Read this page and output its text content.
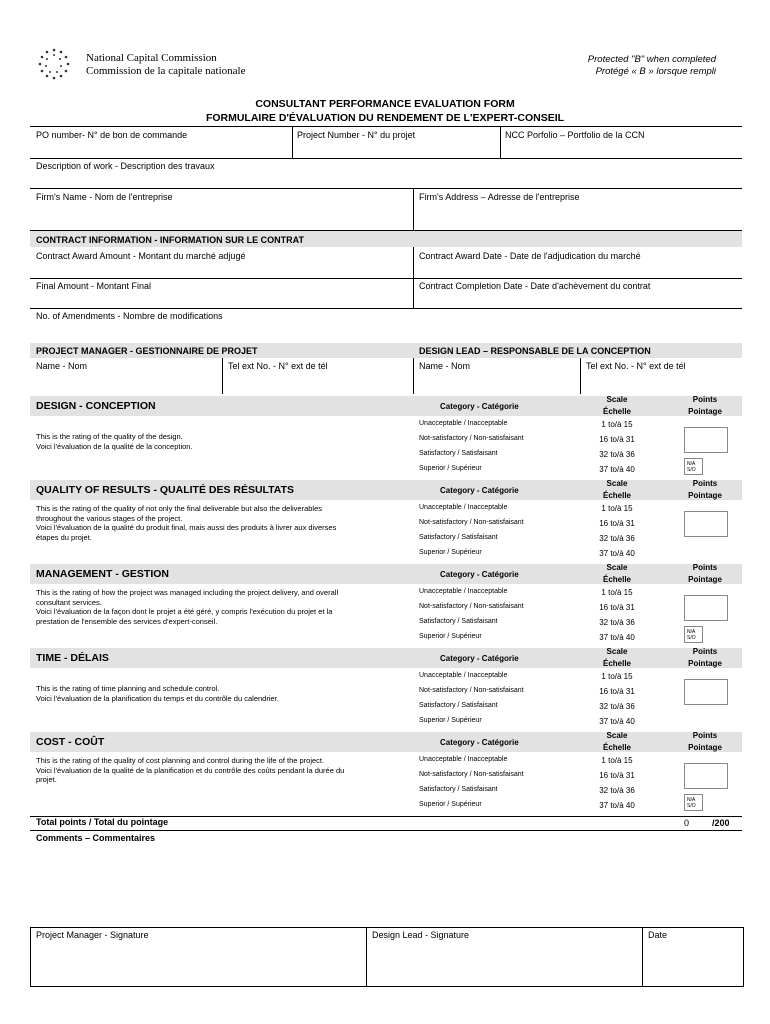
National Capital Commission
Commission de la capitale nationale
Protected "B" when completed
Protégé « B » lorsque rempli
CONSULTANT PERFORMANCE EVALUATION FORM
FORMULAIRE D'ÉVALUATION DU RENDEMENT DE L'EXPERT-CONSEIL
PO number- N° de bon de commande	Project Number - N° du projet	NCC Porfolio – Portfolio de la CCN
Description of work - Description des travaux
Firm's Name - Nom de l'entreprise	Firm's Address – Adresse de l'entreprise
CONTRACT INFORMATION - INFORMATION SUR LE CONTRAT
Contract Award Amount - Montant du marché adjugé	Contract Award Date - Date de l'adjudication du marché
Final Amount - Montant Final	Contract Completion Date - Date d'achèvement du contrat
No. of Amendments - Nombre de modifications
PROJECT MANAGER - GESTIONNAIRE DE PROJET	DESIGN LEAD – RESPONSABLE DE LA CONCEPTION
Name - Nom	Tel ext No. - N° ext de tél	Name - Nom	Tel ext No. - N° ext de tél
DESIGN - CONCEPTION	Category - Catégorie
Scale
Échelle
Points
Pointage
This is the rating of the quality of the design.
Voici l'évaluation de la qualité de la conception.
Unacceptable / Inacceptable	1 to/à 15
Not-satisfactory / Non-satisfaisant	16 to/à 31
Satisfactory / Satisfaisant	32 to/à 36
Superior / Supérieur	37 to/à 40
N/A
S/O
QUALITY OF RESULTS - QUALITÉ DES RÉSULTATS	Category - Catégorie
Scale
Échelle
Points
Pointage
This is the rating of the quality of not only the final deliverable but also the deliverables
throughout the various stages of the project.
Voici l'évaluation de la qualité du produit final, mais aussi des produits à livrer aux diverses
étapes du projet.
Unacceptable / Inacceptable	1 to/à 15
Not-satisfactory / Non-satisfaisant	16 to/à 31
Satisfactory / Satisfaisant	32 to/à 36
Superior / Supérieur	37 to/à 40
MANAGEMENT - GESTION	Category - Catégorie
Scale
Échelle
Points
Pointage
This is the rating of how the project was managed including the project delivery, and overall
consultant services.
Voici l'évaluation de la façon dont le projet a été géré, y compris l'exécution du projet et la
prestation de l'ensemble des services d'expert-conseil.
Unacceptable / Inacceptable	1 to/à 15
Not-satisfactory / Non-satisfaisant	16 to/à 31
Satisfactory / Satisfaisant	32 to/à 36
Superior / Supérieur	37 to/à 40
N/A
S/O
TIME - DÉLAIS	Category - Catégorie
Scale
Échelle
Points
Pointage
This is the rating of time planning and schedule control.
Voici l'évaluation de la planification du temps et du contrôle du calendrier.
Unacceptable / Inacceptable	1 to/à 15
Not-satisfactory / Non-satisfaisant	16 to/à 31
Satisfactory / Satisfaisant	32 to/à 36
Superior / Supérieur	37 to/à 40
COST - COÛT	Category - Catégorie
Scale
Échelle
Points
Pointage
This is the rating of the quality of cost planning and control during the life of the project.
Voici l'évaluation de la qualité de la planification et du contrôle des coûts pendant la durée du
projet.
Unacceptable / Inacceptable	1 to/à 15
Not-satisfactory / Non-satisfaisant	16 to/à 31
Satisfactory / Satisfaisant	32 to/à 36
Superior / Supérieur	37 to/à 40
N/A
S/O
Total points / Total du pointage	0	/200
Comments – Commentaires
Project Manager - Signature	Design Lead - Signature	Date
